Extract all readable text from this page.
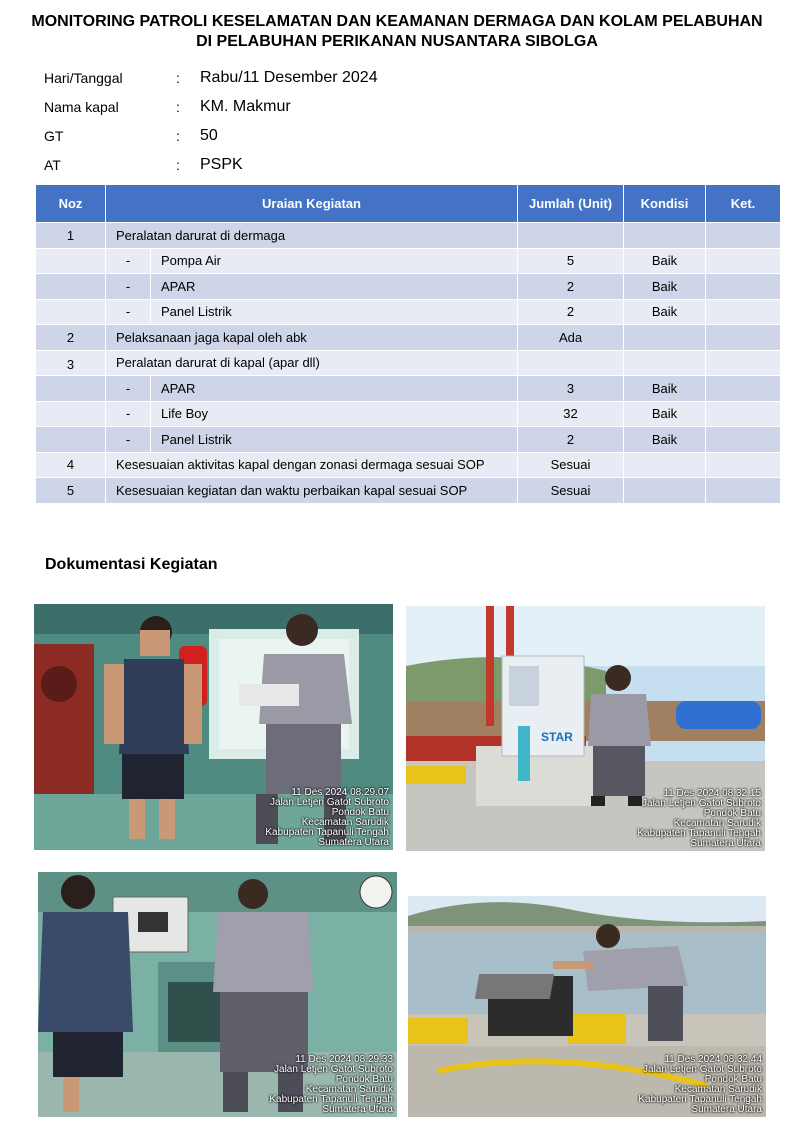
MONITORING PATROLI KESELAMATAN DAN KEAMANAN DERMAGA DAN KOLAM PELABUHAN
DI PELABUHAN PERIKANAN NUSANTARA SIBOLGA
Hari/Tanggal	: Rabu/11 Desember 2024
Nama kapal	: KM. Makmur
GT	: 50
AT	: PSPK
Noz	Uraian Kegiatan		Jumlah (Unit)	Kondisi	Ket.
1	Peralatan darurat di dermaga				
	-	Pompa Air	5	Baik	
	-	APAR	2	Baik	
	-	Panel Listrik	2	Baik	
2	Pelaksanaan jaga kapal oleh abk		Ada		
3	Peralatan darurat di kapal (apar dll)				
	-	APAR	3	Baik	
	-	Life Boy	32	Baik	
	-	Panel Listrik	2	Baik	
4	Kesesuaian aktivitas kapal dengan zonasi dermaga sesuai SOP		Sesuai		
5	Kesesuaian kegiatan dan waktu perbaikan kapal sesuai SOP		Sesuai		
Dokumentasi Kegiatan
11 Des 2024 08.29.07
Jalan Letjen Gatot Subroto
Pondok Batu
Kecamatan Sarudik
Kabupaten Tapanuli Tengah
Sumatera Utara
STAR
11 Des 2024 08.32.15
Jalan Letjen Gatot Subroto
Pondok Batu
Kecamatan Sarudik
Kabupaten Tapanuli Tengah
Sumatera Utara
11 Des 2024 08.29.33
Jalan Letjen Gatot Subroto
Pondok Batu
Kecamatan Sarudik
Kabupaten Tapanuli Tengah
Sumatera Utara
11 Des 2024 08.32.44
Jalan Letjen Gatot Subroto
Pondok Batu
Kecamatan Sarudik
Kabupaten Tapanuli Tengah
Sumatera Utara
